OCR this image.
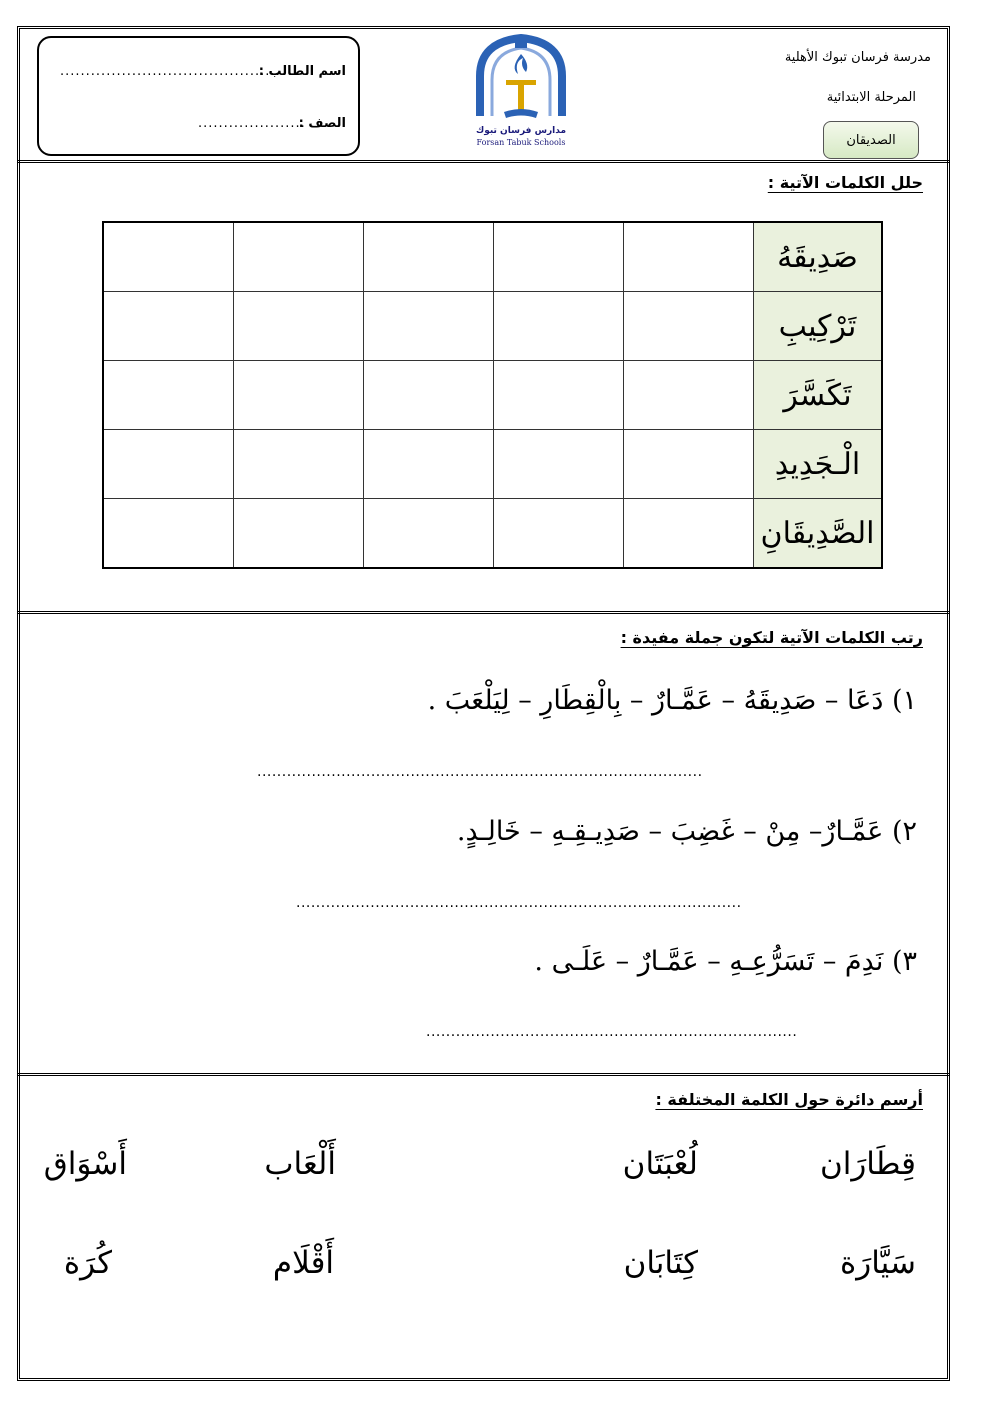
اسم الطالب :
...........................................
الصف :
.....................	مدارس فرسان تبوك
Forsan Tabuk Schools
مدرسة فرسان تبوك الأهلية
المرحلة الابتدائية
الصديقان
حلل الكلمات الآتية :
					صَدِيقَهُ
					تَرْكِيبِ
					تَكَسَّرَ
					الْـجَدِيدِ
					الصَّدِيقَانِ
رتب الكلمات الآتية لتكون جملة مفيدة :
١) دَعَا – صَدِيقَهُ – عَمَّـارٌ – بِالْقِطَارِ – لِيَلْعَبَ .
..........................................................................................
٢) عَمَّـارٌ– مِنْ – غَضِبَ – صَدِيـقِـهِ – خَالِـدٍ.
..........................................................................................
٣) نَدِمَ – تَسَرُّعِـهِ – عَمَّـارٌ – عَلَـى .
...........................................................................
أرسم دائرة حول الكلمة المختلفة :
قِطَارَان
لُعْبَتَان
أَلْعَاب
أَسْوَاق
سَيَّارَة
كِتَابَان
أَقْلَام
كُرَة
